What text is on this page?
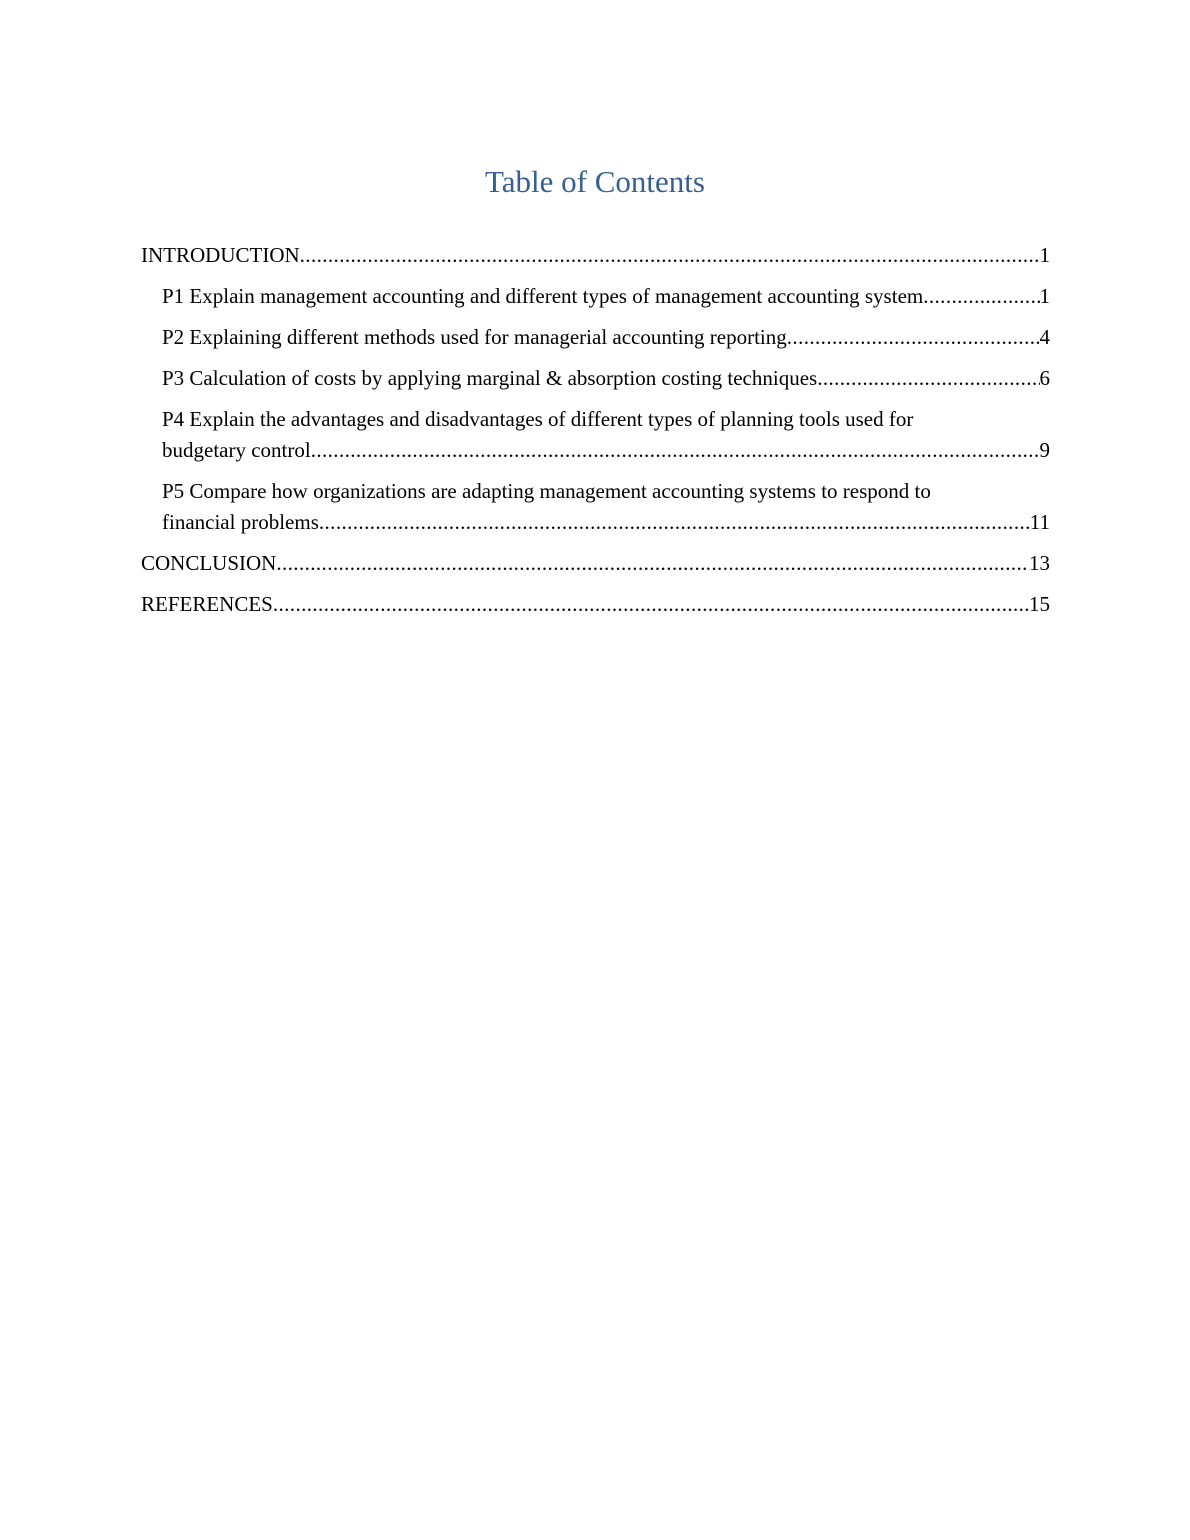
Table of Contents
INTRODUCTION .....	1
P1 Explain management accounting and different types of management accounting system .....	1
P2 Explaining different methods used for managerial accounting reporting .....	4
P3 Calculation of costs by applying marginal & absorption costing techniques .....	6
P4 Explain the advantages and disadvantages of different types of planning tools used for
budgetary control .....	9
P5 Compare how organizations are adapting management accounting systems to respond to
financial problems .....	11
CONCLUSION .....	13
REFERENCES .....	15
